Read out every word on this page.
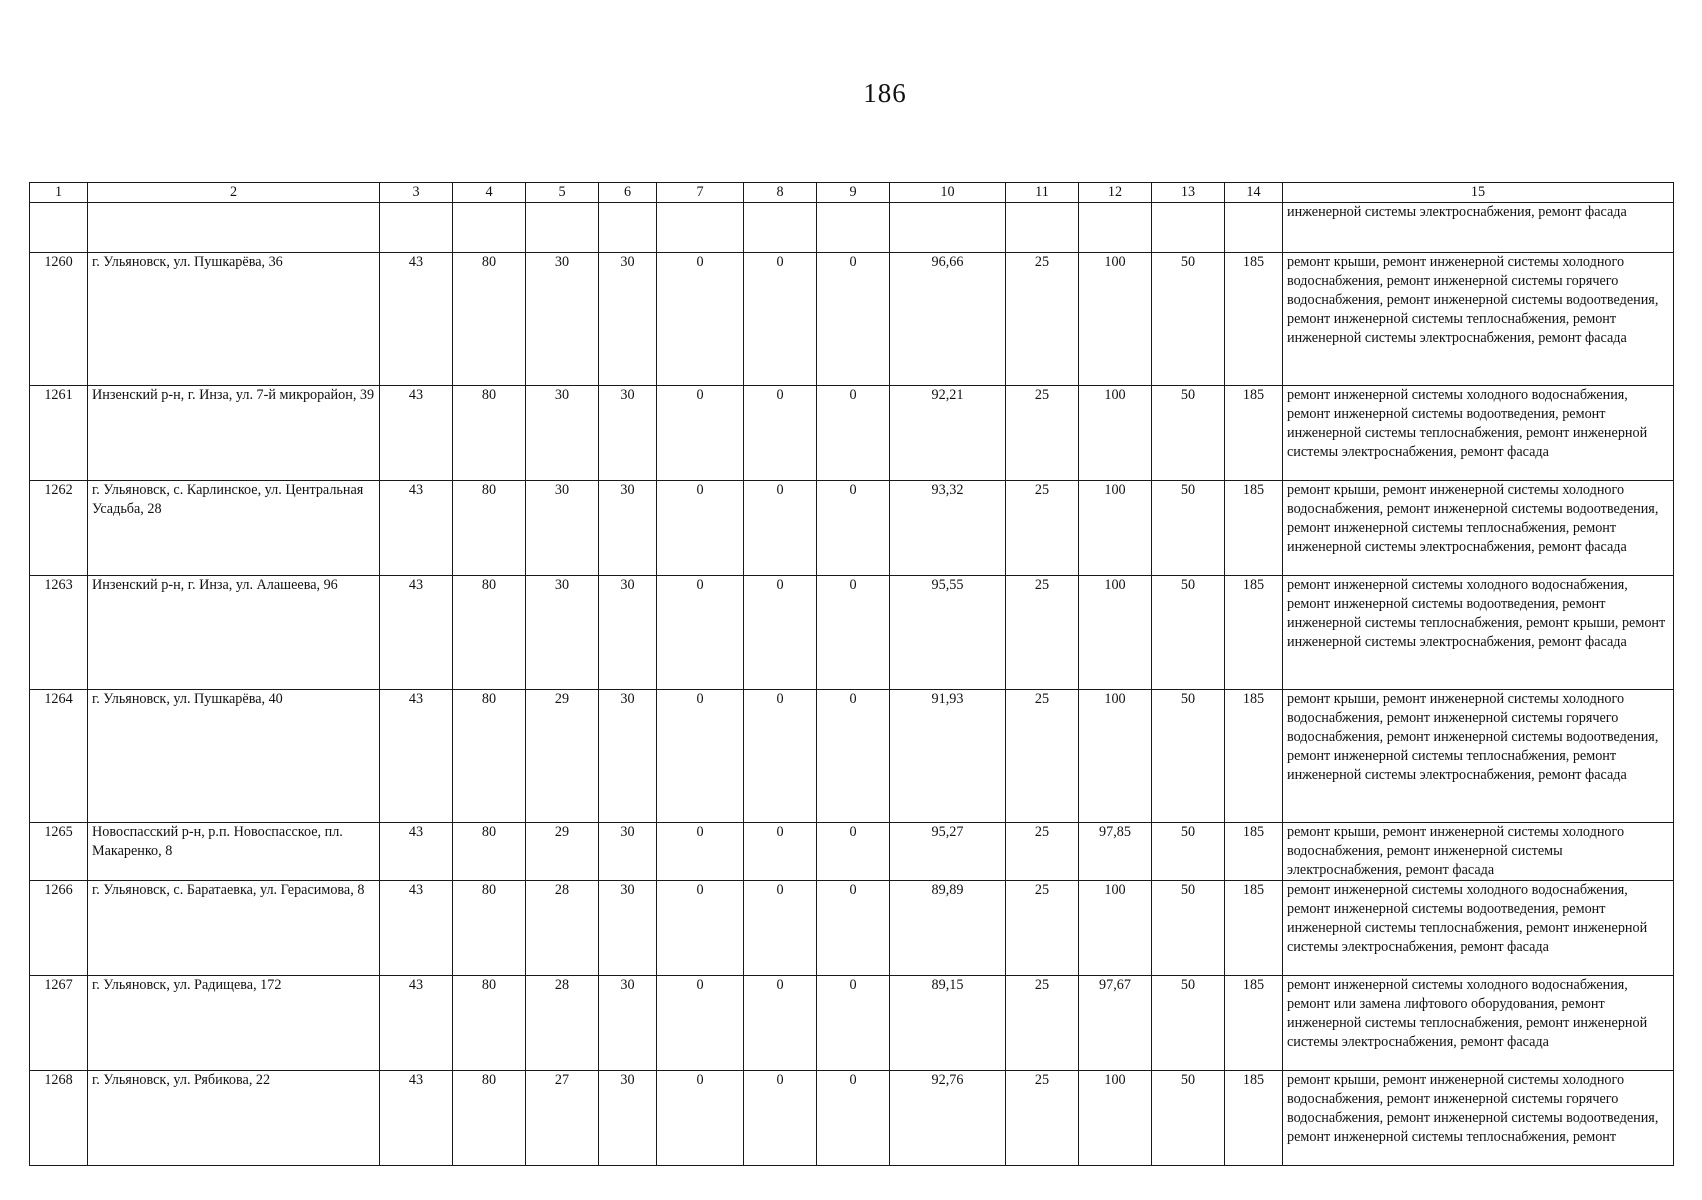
186
1	2	3	4	5	6	7	8	9	10	11	12	13	14	15
														инженерной системы электроснабжения, ремонт фасада
1260	г. Ульяновск, ул. Пушкарёва, 36	43	80	30	30	0	0	0	96,66	25	100	50	185	ремонт крыши, ремонт инженерной системы холодного водоснабжения, ремонт инженерной системы горячего водоснабжения, ремонт инженерной системы водоотведения, ремонт инженерной системы теплоснабжения, ремонт инженерной системы электроснабжения, ремонт фасада
1261	Инзенский р-н, г. Инза, ул. 7-й микрорайон, 39	43	80	30	30	0	0	0	92,21	25	100	50	185	ремонт инженерной системы холодного водоснабжения, ремонт инженерной системы водоотведения, ремонт инженерной системы теплоснабжения, ремонт инженерной системы электроснабжения, ремонт фасада
1262	г. Ульяновск, с. Карлинское, ул. Центральная Усадьба, 28	43	80	30	30	0	0	0	93,32	25	100	50	185	ремонт крыши, ремонт инженерной системы холодного водоснабжения, ремонт инженерной системы водоотведения, ремонт инженерной системы теплоснабжения, ремонт инженерной системы электроснабжения, ремонт фасада
1263	Инзенский р-н, г. Инза, ул. Алашеева, 96	43	80	30	30	0	0	0	95,55	25	100	50	185	ремонт инженерной системы холодного водоснабжения, ремонт инженерной системы водоотведения, ремонт инженерной системы теплоснабжения, ремонт крыши, ремонт инженерной системы электроснабжения, ремонт фасада
1264	г. Ульяновск, ул. Пушкарёва, 40	43	80	29	30	0	0	0	91,93	25	100	50	185	ремонт крыши, ремонт инженерной системы холодного водоснабжения, ремонт инженерной системы горячего водоснабжения, ремонт инженерной системы водоотведения, ремонт инженерной системы теплоснабжения, ремонт инженерной системы электроснабжения, ремонт фасада
1265	Новоспасский р-н, р.п. Новоспасское, пл. Макаренко, 8	43	80	29	30	0	0	0	95,27	25	97,85	50	185	ремонт крыши, ремонт инженерной системы холодного водоснабжения, ремонт инженерной системы электроснабжения, ремонт фасада
1266	г. Ульяновск, с. Баратаевка, ул. Герасимова, 8	43	80	28	30	0	0	0	89,89	25	100	50	185	ремонт инженерной системы холодного водоснабжения, ремонт инженерной системы водоотведения, ремонт инженерной системы теплоснабжения, ремонт инженерной системы электроснабжения, ремонт фасада
1267	г. Ульяновск, ул. Радищева, 172	43	80	28	30	0	0	0	89,15	25	97,67	50	185	ремонт инженерной системы холодного водоснабжения, ремонт или замена лифтового оборудования, ремонт инженерной системы теплоснабжения, ремонт инженерной системы электроснабжения, ремонт фасада
1268	г. Ульяновск, ул. Рябикова, 22	43	80	27	30	0	0	0	92,76	25	100	50	185	ремонт крыши, ремонт инженерной системы холодного водоснабжения, ремонт инженерной системы горячего водоснабжения, ремонт инженерной системы водоотведения, ремонт инженерной системы теплоснабжения, ремонт
